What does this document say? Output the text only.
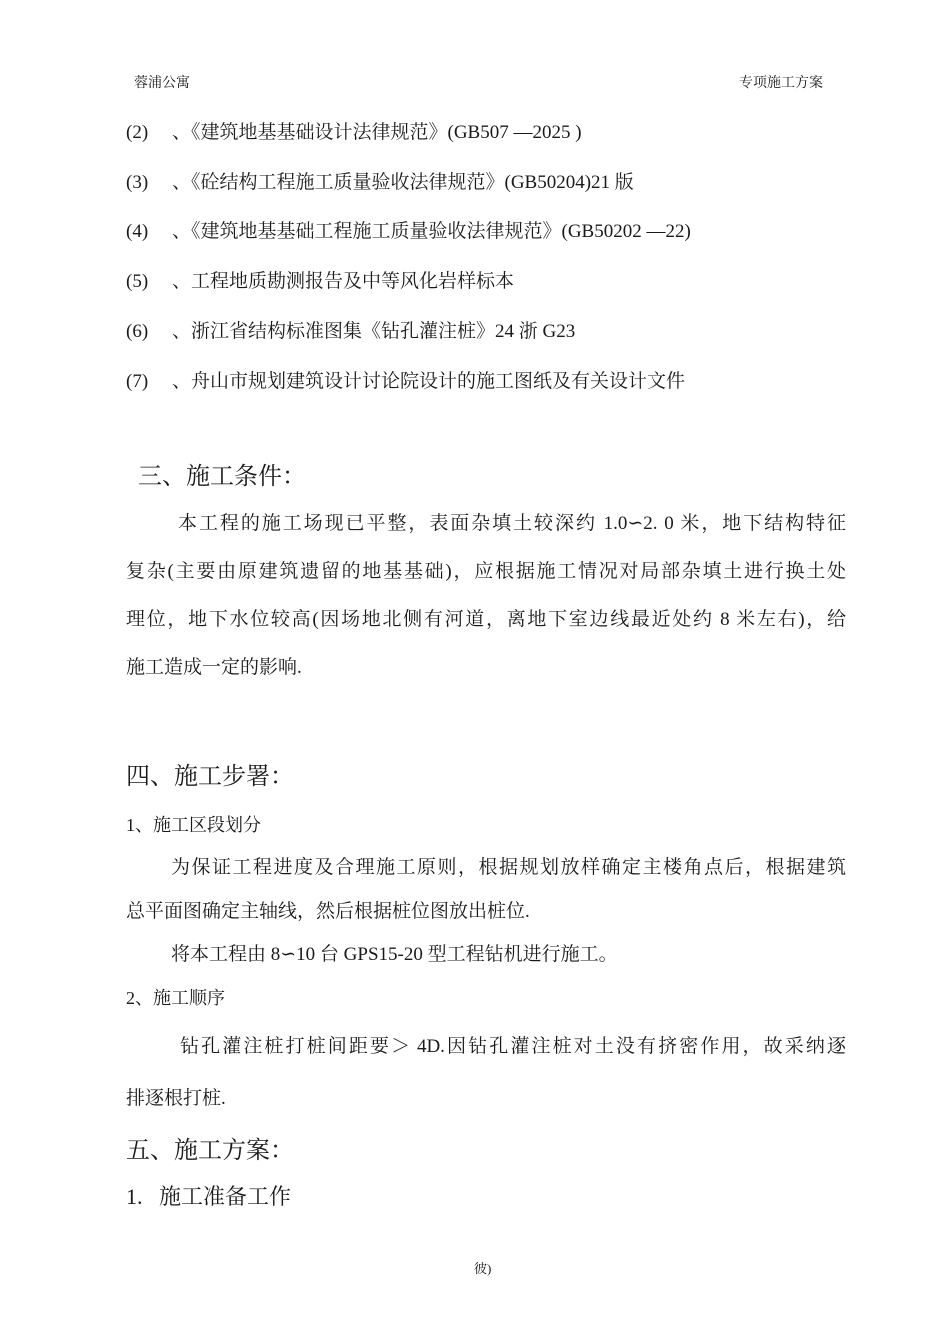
蓉浦公寓	专项施工方案
(2) 、《建筑地基基础设计法律规范》(GB507 —2025 )
(3) 、《砼结构工程施工质量验收法律规范》(GB50204)21 版
(4) 、《建筑地基基础工程施工质量验收法律规范》(GB50202 —22)
(5) 、工程地质勘测报告及中等风化岩样标本
(6) 、浙江省结构标准图集《钻孔灌注桩》24 浙 G23
(7) 、舟山市规划建筑设计讨论院设计的施工图纸及有关设计文件
三、施工条件：
本工程的施工场现已平整，表面杂填土较深约 1.0∽2. 0 米，地下结构特征
复杂(主要由原建筑遗留的地基基础)，应根据施工情况对局部杂填土进行换土处
理位，地下水位较高(因场地北侧有河道，离地下室边线最近处约 8 米左右)，给
施工造成一定的影响.
四、施工步署：
1、施工区段划分
为保证工程进度及合理施工原则，根据规划放样确定主楼角点后，根据建筑
总平面图确定主轴线，然后根据桩位图放出桩位.
将本工程由 8∽10 台 GPS15-20 型工程钻机进行施工。
2、施工顺序
钻孔灌注桩打桩间距要＞ 4D.因钻孔灌注桩对土没有挤密作用，故采纳逐
排逐根打桩.
五、施工方案：
1.   施工准备工作
彼)
